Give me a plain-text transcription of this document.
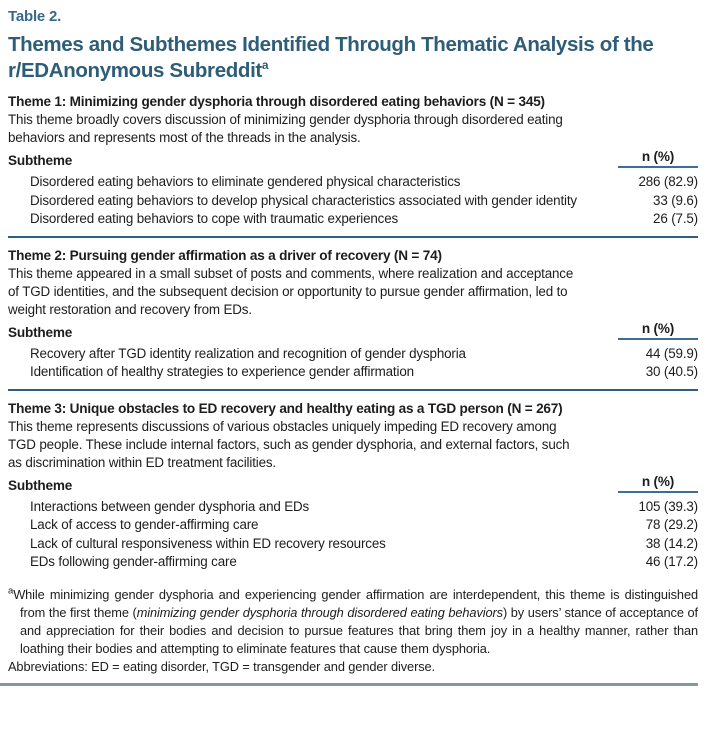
Table 2.
Themes and Subthemes Identified Through Thematic Analysis of the r/EDAnonymous Subreddit$^a$
Theme 1: Minimizing gender dysphoria through disordered eating behaviors (N = 345)
This theme broadly covers discussion of minimizing gender dysphoria through disordered eating behaviors and represents most of the threads in the analysis.
Subtheme	n (%)
Disordered eating behaviors to eliminate gendered physical characteristics	286 (82.9)
Disordered eating behaviors to develop physical characteristics associated with gender identity	33 (9.6)
Disordered eating behaviors to cope with traumatic experiences	26 (7.5)
Theme 2: Pursuing gender affirmation as a driver of recovery (N = 74)
This theme appeared in a small subset of posts and comments, where realization and acceptance of TGD identities, and the subsequent decision or opportunity to pursue gender affirmation, led to weight restoration and recovery from EDs.
Subtheme	n (%)
Recovery after TGD identity realization and recognition of gender dysphoria	44 (59.9)
Identification of healthy strategies to experience gender affirmation	30 (40.5)
Theme 3: Unique obstacles to ED recovery and healthy eating as a TGD person (N = 267)
This theme represents discussions of various obstacles uniquely impeding ED recovery among TGD people. These include internal factors, such as gender dysphoria, and external factors, such as discrimination within ED treatment facilities.
Subtheme	n (%)
Interactions between gender dysphoria and EDs	105 (39.3)
Lack of access to gender-affirming care	78 (29.2)
Lack of cultural responsiveness within ED recovery resources	38 (14.2)
EDs following gender-affirming care	46 (17.2)
$^a$While minimizing gender dysphoria and experiencing gender affirmation are interdependent, this theme is distinguished from the first theme (minimizing gender dysphoria through disordered eating behaviors) by users’ stance of acceptance of and appreciation for their bodies and decision to pursue features that bring them joy in a healthy manner, rather than loathing their bodies and attempting to eliminate features that cause them dysphoria.
Abbreviations: ED = eating disorder, TGD = transgender and gender diverse.
